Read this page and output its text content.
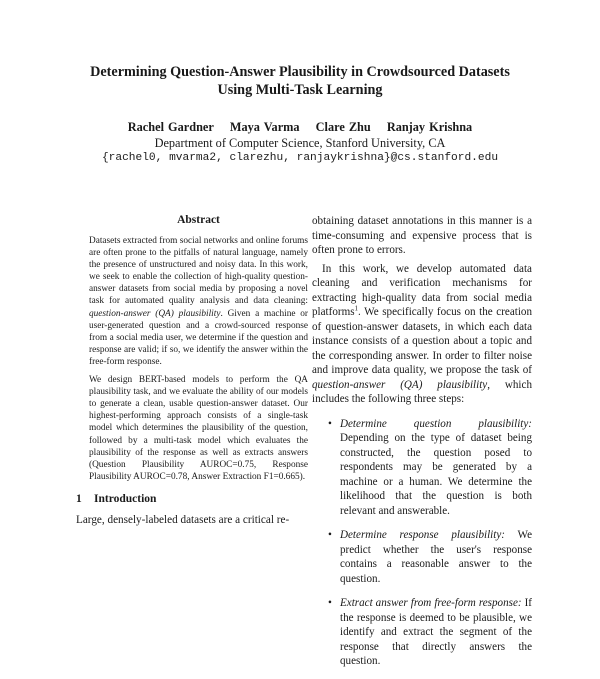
Determining Question-Answer Plausibility in Crowdsourced Datasets
Using Multi-Task Learning
Rachel Gardner Maya Varma Clare Zhu Ranjay Krishna
Department of Computer Science, Stanford University, CA
{rachel0, mvarma2, clarezhu, ranjaykrishna}@cs.stanford.edu
Abstract

Datasets extracted from social networks and online forums are often prone to the pitfalls of natural language, namely the presence of unstructured and noisy data. In this work, we seek to enable the collection of high-quality question-answer datasets from social media by proposing a novel task for automated quality analysis and data cleaning: question-answer (QA) plausibility. Given a machine or user-generated question and a crowd-sourced response from a social media user, we determine if the question and response are valid; if so, we identify the answer within the free-form response.

We design BERT-based models to perform the QA plausibility task, and we evaluate the ability of our models to generate a clean, usable question-answer dataset. Our highest-performing approach consists of a single-task model which determines the plausibility of the question, followed by a multi-task model which evaluates the plausibility of the response as well as extracts answers (Question Plausibility AUROC=0.75, Response Plausibility AUROC=0.78, Answer Extraction F1=0.665).

1 Introduction
Large, densely-labeled datasets are a critical re-

obtaining dataset annotations in this manner is a time-consuming and expensive process that is often prone to errors.

In this work, we develop automated data cleaning and verification mechanisms for extracting high-quality data from social media platforms$^1$. We specifically focus on the creation of question-answer datasets, in which each data instance consists of a question about a topic and the corresponding answer. In order to filter noise and improve data quality, we propose the task of question-answer (QA) plausibility, which includes the following three steps:

• Determine question plausibility: Depending on the type of dataset being constructed, the question posed to respondents may be generated by a machine or a human. We determine the likelihood that the question is both relevant and answerable.
• Determine response plausibility: We predict whether the user's response contains a reasonable answer to the question.
• Extract answer from free-form response: If the response is deemed to be plausible, we identify and extract the segment of the response that directly answers the question.
